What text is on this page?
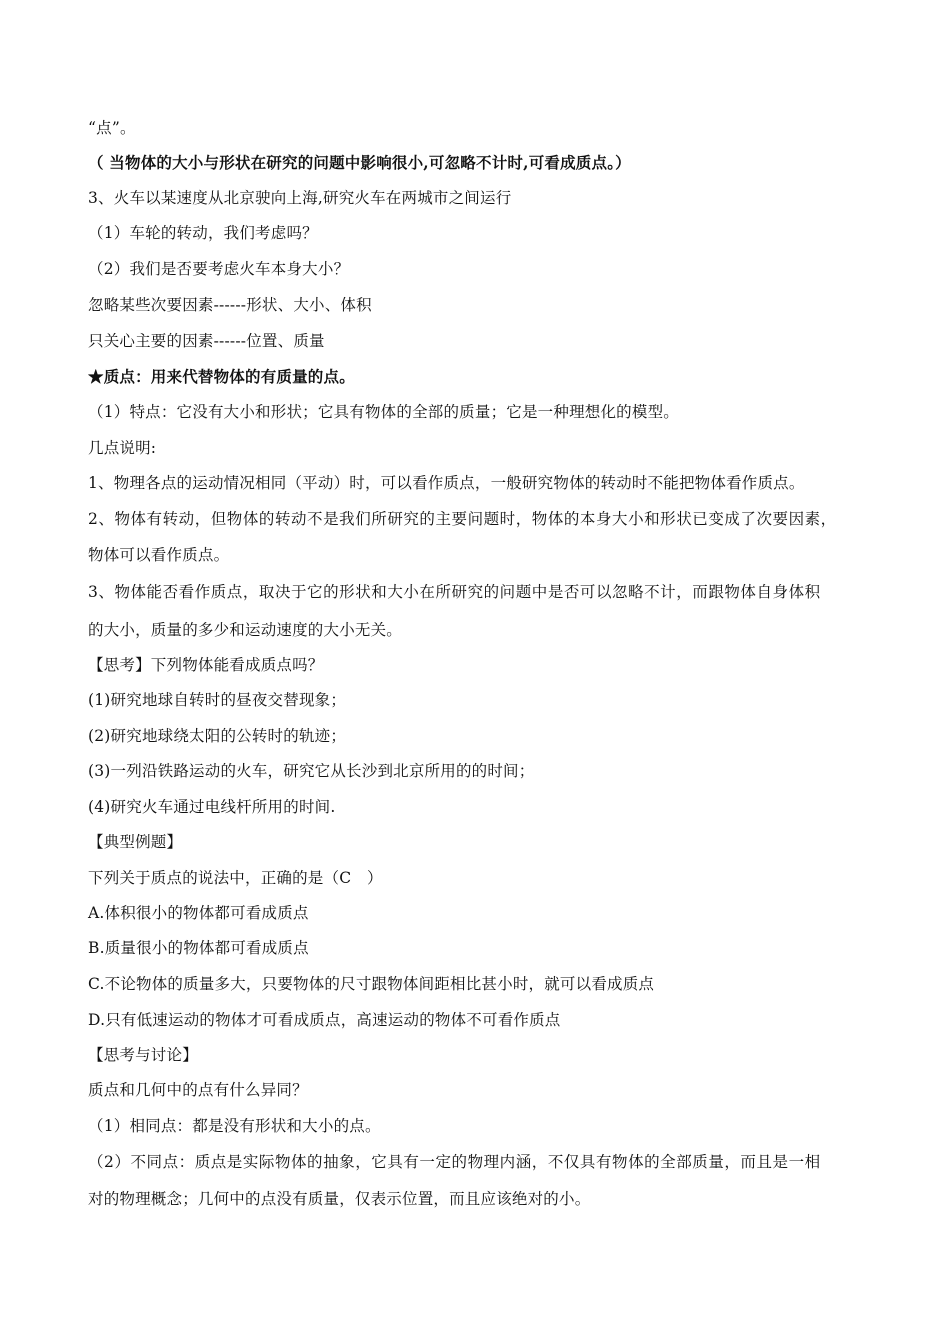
“点”。
（ 当物体的大小与形状在研究的问题中影响很小,可忽略不计时,可看成质点。）
3、火车以某速度从北京驶向上海,研究火车在两城市之间运行
（1）车轮的转动，我们考虑吗？
（2）我们是否要考虑火车本身大小？
忽略某些次要因素------形状、大小、体积
只关心主要的因素------位置、质量
★质点：用来代替物体的有质量的点。
（1）特点：它没有大小和形状；它具有物体的全部的质量；它是一种理想化的模型。
几点说明:
1、物理各点的运动情况相同（平动）时，可以看作质点，一般研究物体的转动时不能把物体看作质点。
2、物体有转动，但物体的转动不是我们所研究的主要问题时，物体的本身大小和形状已变成了次要因素，
物体可以看作质点。
3、物体能否看作质点，取决于它的形状和大小在所研究的问题中是否可以忽略不计，而跟物体自身体积
的大小，质量的多少和运动速度的大小无关。
【思考】下列物体能看成质点吗？
(1)研究地球自转时的昼夜交替现象；
(2)研究地球绕太阳的公转时的轨迹；
(3)一列沿铁路运动的火车，研究它从长沙到北京所用的的时间；
(4)研究火车通过电线杆所用的时间.
【典型例题】
下列关于质点的说法中，正确的是（C　）
A.体积很小的物体都可看成质点
B.质量很小的物体都可看成质点
C.不论物体的质量多大，只要物体的尺寸跟物体间距相比甚小时，就可以看成质点
D.只有低速运动的物体才可看成质点，高速运动的物体不可看作质点
【思考与讨论】
质点和几何中的点有什么异同？
（1）相同点：都是没有形状和大小的点。
（2）不同点：质点是实际物体的抽象，它具有一定的物理内涵，不仅具有物体的全部质量，而且是一相
对的物理概念；几何中的点没有质量，仅表示位置，而且应该绝对的小。
